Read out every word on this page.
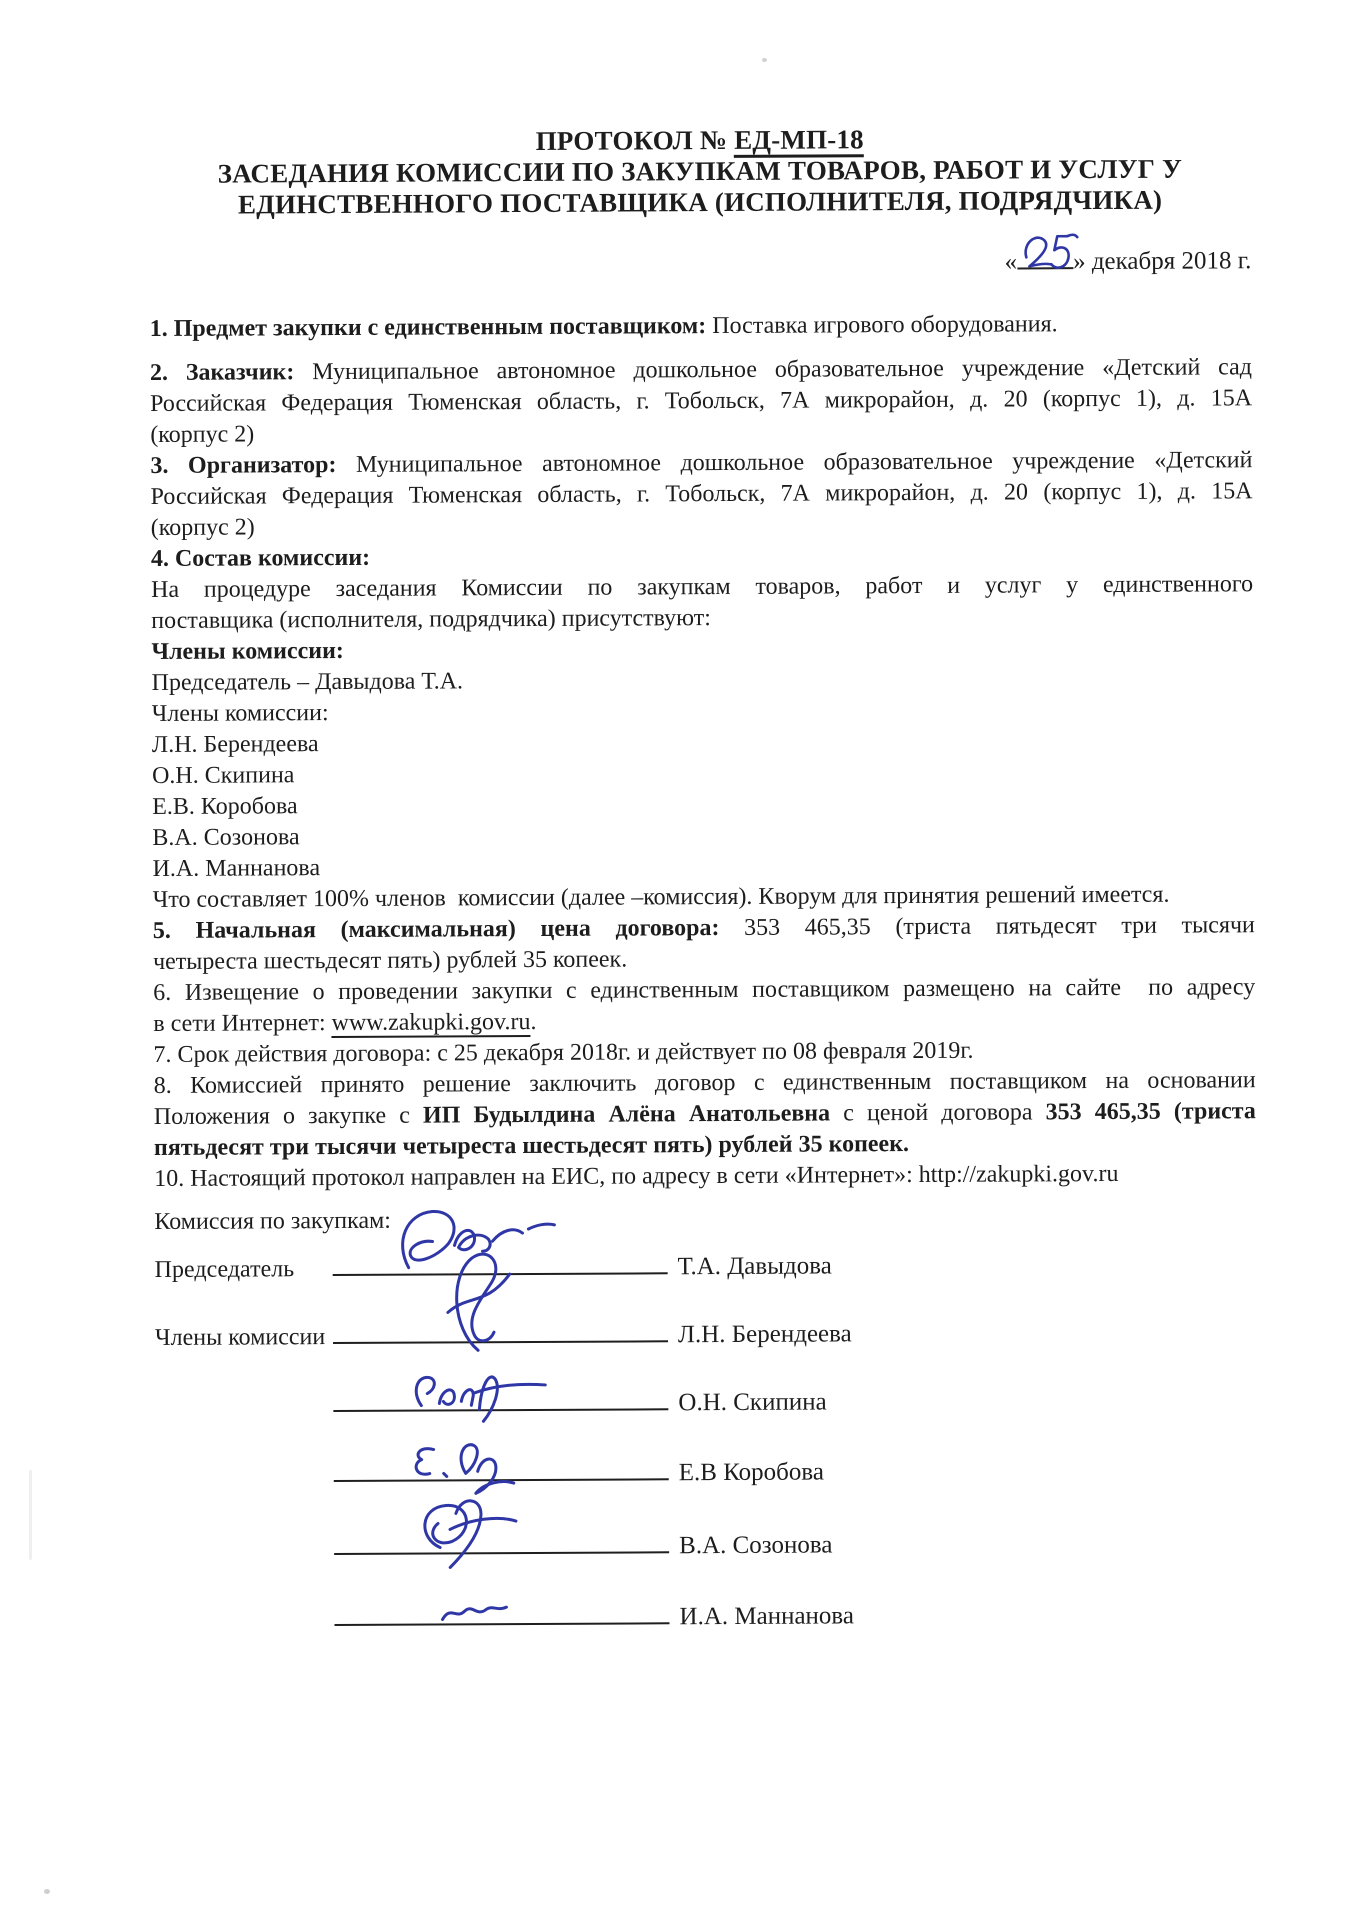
ПРОТОКОЛ № ЕД-МП-18
ЗАСЕДАНИЯ КОМИССИИ ПО ЗАКУПКАМ ТОВАРОВ, РАБОТ И УСЛУГ У
ЕДИНСТВЕННОГО ПОСТАВЩИКА (ИСПОЛНИТЕЛЯ, ПОДРЯДЧИКА)
« » декабря 2018 г.
1. Предмет закупки с единственным поставщиком: Поставка игрового оборудования.
2. Заказчик: Муниципальное автономное дошкольное образовательное учреждение «Детский сад
Российская Федерация Тюменская область, г. Тобольск, 7А микрорайон, д. 20 (корпус 1), д. 15А
(корпус 2)
3. Организатор: Муниципальное автономное дошкольное образовательное учреждение «Детский
Российская Федерация Тюменская область, г. Тобольск, 7А микрорайон, д. 20 (корпус 1), д. 15А
(корпус 2)
4. Состав комиссии:
На процедуре заседания Комиссии по закупкам товаров, работ и услуг у единственного
поставщика (исполнителя, подрядчика) присутствуют:
Члены комиссии:
Председатель – Давыдова Т.А.
Члены комиссии:
Л.Н. Берендеева
О.Н. Скипина
Е.В. Коробова
В.А. Созонова
И.А. Маннанова
Что составляет 100% членов  комиссии (далее –комиссия). Кворум для принятия решений имеется.
5. Начальная (максимальная) цена договора: 353 465,35 (триста пятьдесят три тысячи
четыреста шестьдесят пять) рублей 35 копеек.
6. Извещение о проведении закупки с единственным поставщиком размещено на сайте  по адресу
в сети Интернет: www.zakupki.gov.ru.
7. Срок действия договора: с 25 декабря 2018г. и действует по 08 февраля 2019г.
8. Комиссией принято решение заключить договор с единственным поставщиком на основании
Положения о закупке с ИП Будылдина Алёна Анатольевна с ценой договора 353 465,35 (триста
пятьдесят три тысячи четыреста шестьдесят пять) рублей 35 копеек.
10. Настоящий протокол направлен на ЕИС, по адресу в сети «Интернет»: http://zakupki.gov.ru
Комиссия по закупкам:
Председатель	Т.А. Давыдова
Члены комиссии	Л.Н. Берендеева
О.Н. Скипина
Е.В Коробова
В.А. Созонова
И.А. Маннанова
